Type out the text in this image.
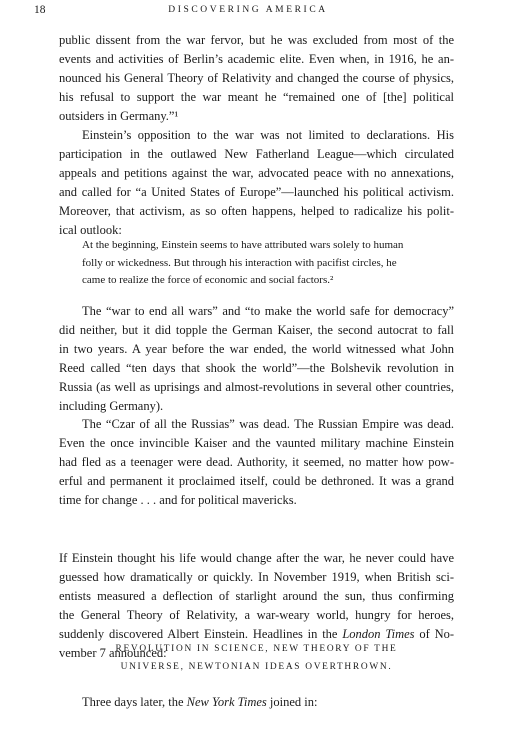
18	DISCOVERING AMERICA
public dissent from the war fervor, but he was excluded from most of the
events and activities of Berlin’s academic elite. Even when, in 1916, he an-
nounced his General Theory of Relativity and changed the course of physics,
his refusal to support the war meant he “remained one of [the] political
outsiders in Germany.”¹
Einstein’s opposition to the war was not limited to declarations. His
participation in the outlawed New Fatherland League—which circulated
appeals and petitions against the war, advocated peace with no annexations,
and called for “a United States of Europe”—launched his political activism.
Moreover, that activism, as so often happens, helped to radicalize his polit-
ical outlook:
At the beginning, Einstein seems to have attributed wars solely to human
folly or wickedness. But through his interaction with pacifist circles, he
came to realize the force of economic and social factors.²
The “war to end all wars” and “to make the world safe for democracy”
did neither, but it did topple the German Kaiser, the second autocrat to fall
in two years. A year before the war ended, the world witnessed what John
Reed called “ten days that shook the world”—the Bolshevik revolution in
Russia (as well as uprisings and almost-revolutions in several other countries,
including Germany).
The “Czar of all the Russias” was dead. The Russian Empire was dead.
Even the once invincible Kaiser and the vaunted military machine Einstein
had fled as a teenager were dead. Authority, it seemed, no matter how pow-
erful and permanent it proclaimed itself, could be dethroned. It was a grand
time for change . . . and for political mavericks.
If Einstein thought his life would change after the war, he never could have
guessed how dramatically or quickly. In November 1919, when British sci-
entists measured a deflection of starlight around the sun, thus confirming
the General Theory of Relativity, a war-weary world, hungry for heroes,
suddenly discovered Albert Einstein. Headlines in the London Times of No-
vember 7 announced:
REVOLUTION IN SCIENCE, NEW THEORY OF THE
UNIVERSE, NEWTONIAN IDEAS OVERTHROWN.
Three days later, the New York Times joined in:
